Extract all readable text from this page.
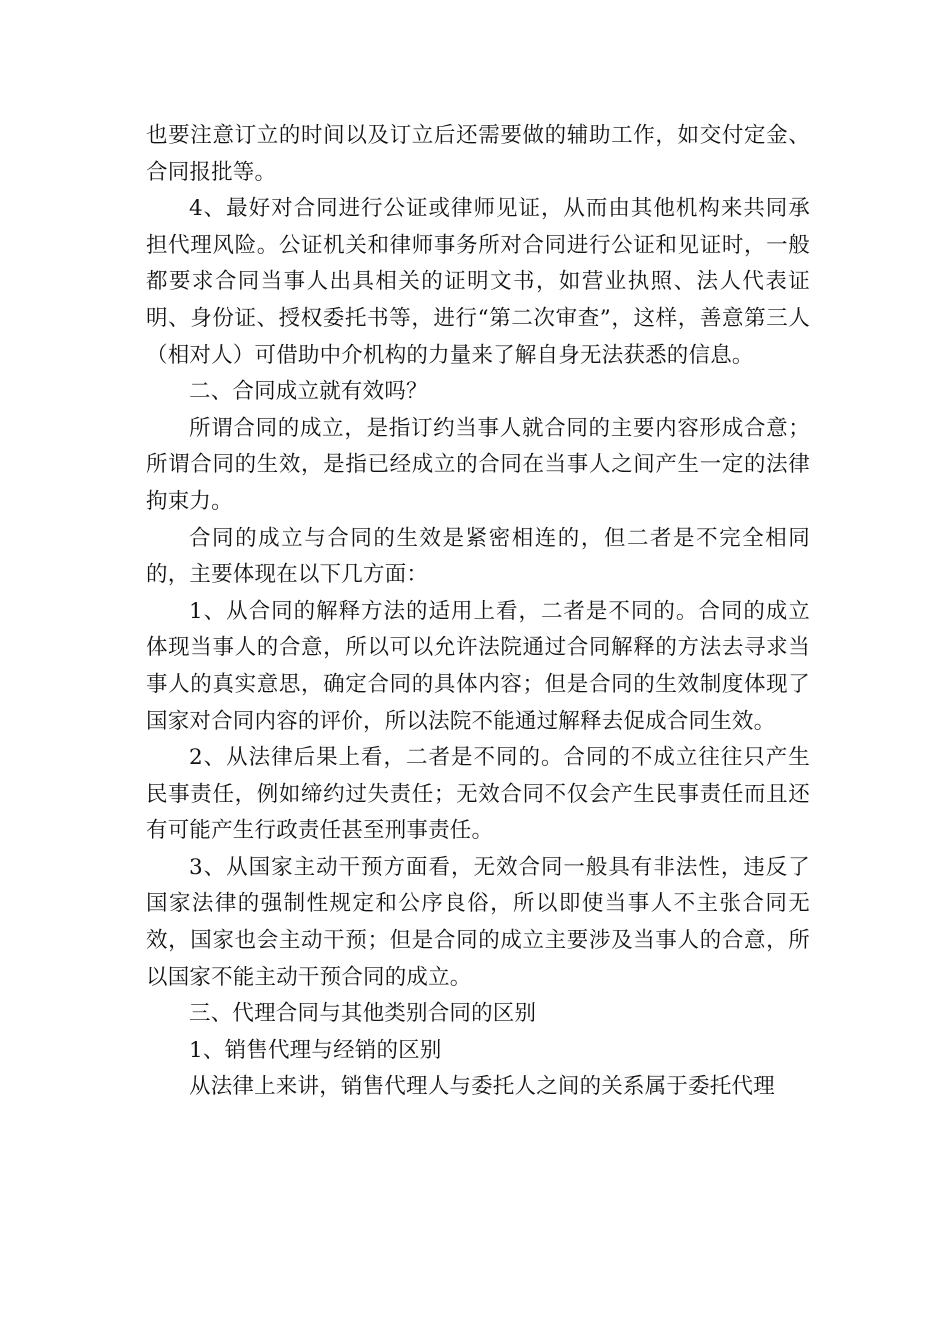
也要注意订立的时间以及订立后还需要做的辅助工作，如交付定金、合同报批等。

4、最好对合同进行公证或律师见证，从而由其他机构来共同承担代理风险。公证机关和律师事务所对合同进行公证和见证时，一般都要求合同当事人出具相关的证明文书，如营业执照、法人代表证明、身份证、授权委托书等，进行“第二次审查”，这样，善意第三人（相对人）可借助中介机构的力量来了解自身无法获悉的信息。

二、合同成立就有效吗？

所谓合同的成立，是指订约当事人就合同的主要内容形成合意；所谓合同的生效，是指已经成立的合同在当事人之间产生一定的法律拘束力。

合同的成立与合同的生效是紧密相连的，但二者是不完全相同的，主要体现在以下几方面：

1、从合同的解释方法的适用上看，二者是不同的。合同的成立体现当事人的合意，所以可以允许法院通过合同解释的方法去寻求当事人的真实意思，确定合同的具体内容；但是合同的生效制度体现了国家对合同内容的评价，所以法院不能通过解释去促成合同生效。

2、从法律后果上看，二者是不同的。合同的不成立往往只产生民事责任，例如缔约过失责任；无效合同不仅会产生民事责任而且还有可能产生行政责任甚至刑事责任。

3、从国家主动干预方面看，无效合同一般具有非法性，违反了国家法律的强制性规定和公序良俗，所以即使当事人不主张合同无效，国家也会主动干预；但是合同的成立主要涉及当事人的合意，所以国家不能主动干预合同的成立。

三、代理合同与其他类别合同的区别

1、销售代理与经销的区别

从法律上来讲，销售代理人与委托人之间的关系属于委托代理
